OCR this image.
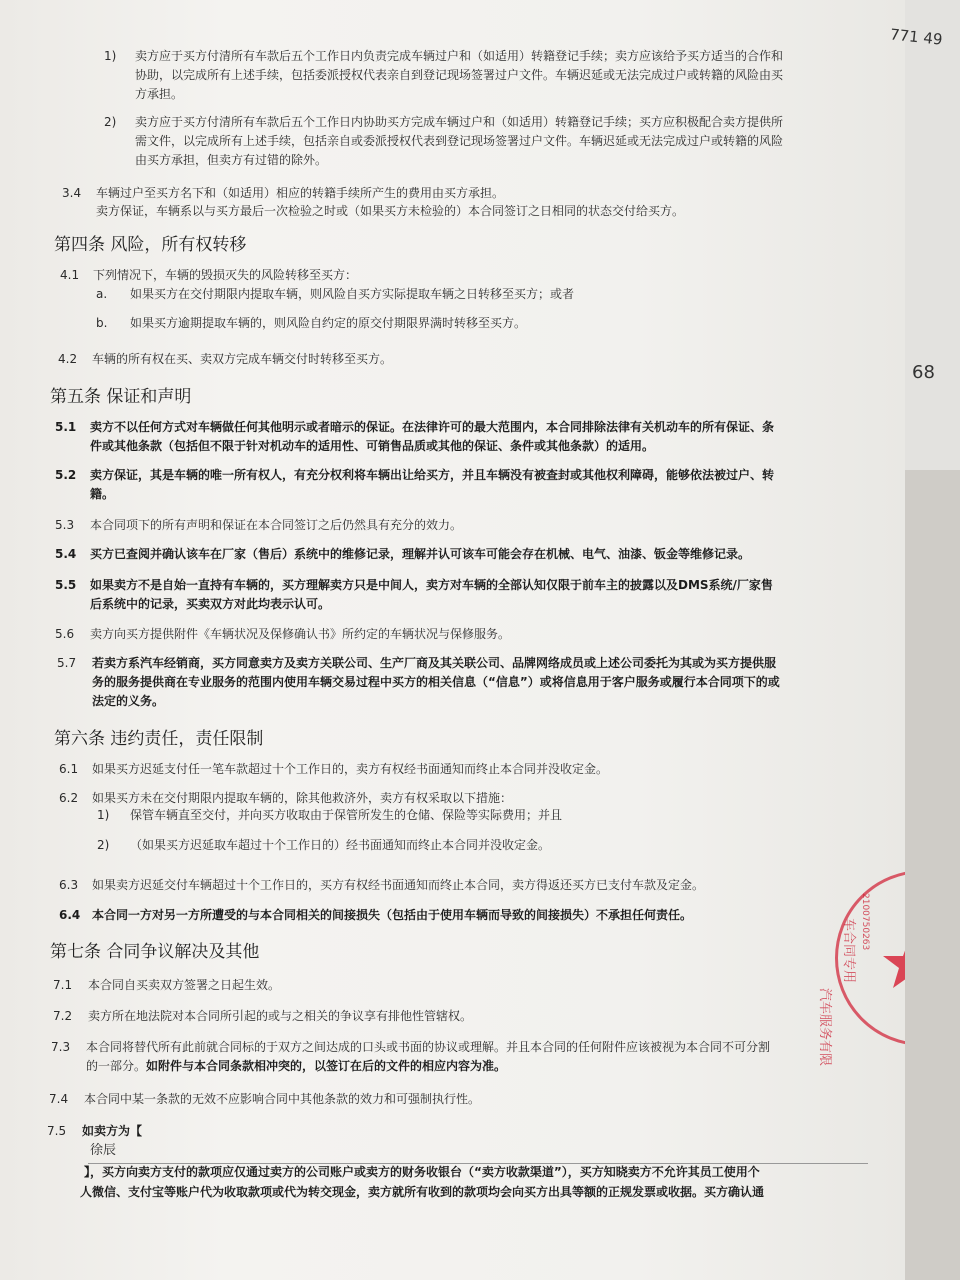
1) 卖方应于买方付清所有车款后五个工作日内负责完成车辆过户和（如适用）转籍登记手续；卖方应该给予买方适当的合作和
协助，以完成所有上述手续，包括委派授权代表亲自到登记现场签署过户文件。车辆迟延或无法完成过户或转籍的风险由买
方承担。
2) 卖方应于买方付清所有车款后五个工作日内协助买方完成车辆过户和（如适用）转籍登记手续；买方应积极配合卖方提供所
需文件，以完成所有上述手续，包括亲自或委派授权代表到登记现场签署过户文件。车辆迟延或无法完成过户或转籍的风险
由买方承担，但卖方有过错的除外。
3.4 车辆过户至买方名下和（如适用）相应的转籍手续所产生的费用由买方承担。
卖方保证，车辆系以与买方最后一次检验之时或（如果买方未检验的）本合同签订之日相同的状态交付给买方。
第四条 风险，所有权转移
4.1 下列情况下，车辆的毁损灭失的风险转移至买方：
a. 如果买方在交付期限内提取车辆，则风险自买方实际提取车辆之日转移至买方；或者
b. 如果买方逾期提取车辆的，则风险自约定的原交付期限界满时转移至买方。
4.2 车辆的所有权在买、卖双方完成车辆交付时转移至买方。
第五条 保证和声明
5.1 卖方不以任何方式对车辆做任何其他明示或者暗示的保证。在法律许可的最大范围内，本合同排除法律有关机动车的所有保证、条
件或其他条款（包括但不限于针对机动车的适用性、可销售品质或其他的保证、条件或其他条款）的适用。
5.2 卖方保证，其是车辆的唯一所有权人，有充分权利将车辆出让给买方，并且车辆没有被查封或其他权利障碍，能够依法被过户、转
籍。
5.3 本合同项下的所有声明和保证在本合同签订之后仍然具有充分的效力。
5.4 买方已查阅并确认该车在厂家（售后）系统中的维修记录，理解并认可该车可能会存在机械、电气、油漆、钣金等维修记录。
5.5 如果卖方不是自始一直持有车辆的，买方理解卖方只是中间人，卖方对车辆的全部认知仅限于前车主的披露以及DMS系统/厂家售
后系统中的记录，买卖双方对此均表示认可。
5.6 卖方向买方提供附件《车辆状况及保修确认书》所约定的车辆状况与保修服务。
5.7 若卖方系汽车经销商，买方同意卖方及卖方关联公司、生产厂商及其关联公司、品牌网络成员或上述公司委托为其或为买方提供服
务的服务提供商在专业服务的范围内使用车辆交易过程中买方的相关信息（“信息”）或将信息用于客户服务或履行本合同项下的或
法定的义务。
第六条 违约责任，责任限制
6.1 如果买方迟延支付任一笔车款超过十个工作日的，卖方有权经书面通知而终止本合同并没收定金。
6.2 如果买方未在交付期限内提取车辆的，除其他救济外，卖方有权采取以下措施：
1) 保管车辆直至交付，并向买方收取由于保管所发生的仓储、保险等实际费用；并且
2) （如果买方迟延取车超过十个工作日的）经书面通知而终止本合同并没收定金。
6.3 如果卖方迟延交付车辆超过十个工作日的，买方有权经书面通知而终止本合同，卖方得返还买方已支付车款及定金。
6.4 本合同一方对另一方所遭受的与本合同相关的间接损失（包括由于使用车辆而导致的间接损失）不承担任何责任。
第七条 合同争议解决及其他
7.1 本合同自买卖双方签署之日起生效。
7.2 卖方所在地法院对本合同所引起的或与之相关的争议享有排他性管辖权。
7.3 本合同将替代所有此前就合同标的于双方之间达成的口头或书面的协议或理解。并且本合同的任何附件应该被视为本合同不可分割
的一部分。如附件与本合同条款相冲突的，以签订在后的文件的相应内容为准。
7.4 本合同中某一条款的无效不应影响合同中其他条款的效力和可强制执行性。
7.5 如卖方为【
徐辰
】，买方向卖方支付的款项应仅通过卖方的公司账户或卖方的财务收银台（“卖方收款渠道”），买方知晓卖方不允许其员工使用个
人微信、支付宝等账户代为收取款项或代为转交现金，卖方就所有收到的款项均会向买方出具等额的正规发票或收据。买方确认通
2100750263
车合同专用
汽车服务有限
771 49
68
